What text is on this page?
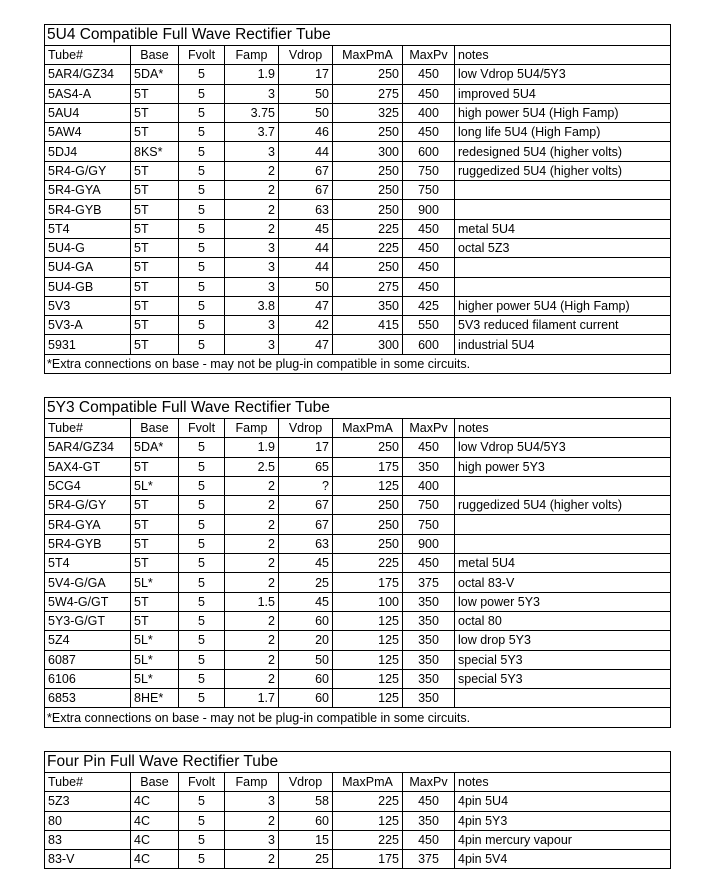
5U4 Compatible Full Wave Rectifier Tube							
Tube#	Base	Fvolt	Famp	Vdrop	MaxPmA	MaxPv	notes
5AR4/GZ34	5DA*	5	1.9	17	250	450	low Vdrop 5U4/5Y3
5AS4-A	5T	5	3	50	275	450	improved 5U4
5AU4	5T	5	3.75	50	325	400	high power 5U4 (High Famp)
5AW4	5T	5	3.7	46	250	450	long life 5U4 (High Famp)
5DJ4	8KS*	5	3	44	300	600	redesigned 5U4 (higher volts)
5R4-G/GY	5T	5	2	67	250	750	ruggedized 5U4 (higher volts)
5R4-GYA	5T	5	2	67	250	750	
5R4-GYB	5T	5	2	63	250	900	
5T4	5T	5	2	45	225	450	metal 5U4
5U4-G	5T	5	3	44	225	450	octal 5Z3
5U4-GA	5T	5	3	44	250	450	
5U4-GB	5T	5	3	50	275	450	
5V3	5T	5	3.8	47	350	425	higher power 5U4 (High Famp)
5V3-A	5T	5	3	42	415	550	5V3 reduced filament current
5931	5T	5	3	47	300	600	industrial 5U4
*Extra connections on base - may not be plug-in compatible in some circuits.							
5Y3 Compatible Full Wave Rectifier Tube							
Tube#	Base	Fvolt	Famp	Vdrop	MaxPmA	MaxPv	notes
5AR4/GZ34	5DA*	5	1.9	17	250	450	low Vdrop 5U4/5Y3
5AX4-GT	5T	5	2.5	65	175	350	high power 5Y3
5CG4	5L*	5	2	?	125	400	
5R4-G/GY	5T	5	2	67	250	750	ruggedized 5U4 (higher volts)
5R4-GYA	5T	5	2	67	250	750	
5R4-GYB	5T	5	2	63	250	900	
5T4	5T	5	2	45	225	450	metal 5U4
5V4-G/GA	5L*	5	2	25	175	375	octal 83-V
5W4-G/GT	5T	5	1.5	45	100	350	low power 5Y3
5Y3-G/GT	5T	5	2	60	125	350	octal 80
5Z4	5L*	5	2	20	125	350	low drop 5Y3
6087	5L*	5	2	50	125	350	special 5Y3
6106	5L*	5	2	60	125	350	special 5Y3
6853	8HE*	5	1.7	60	125	350	
*Extra connections on base - may not be plug-in compatible in some circuits.							
Four Pin Full Wave Rectifier Tube							
Tube#	Base	Fvolt	Famp	Vdrop	MaxPmA	MaxPv	notes
5Z3	4C	5	3	58	225	450	4pin 5U4
80	4C	5	2	60	125	350	4pin 5Y3
83	4C	5	3	15	225	450	4pin mercury vapour
83-V	4C	5	2	25	175	375	4pin 5V4
